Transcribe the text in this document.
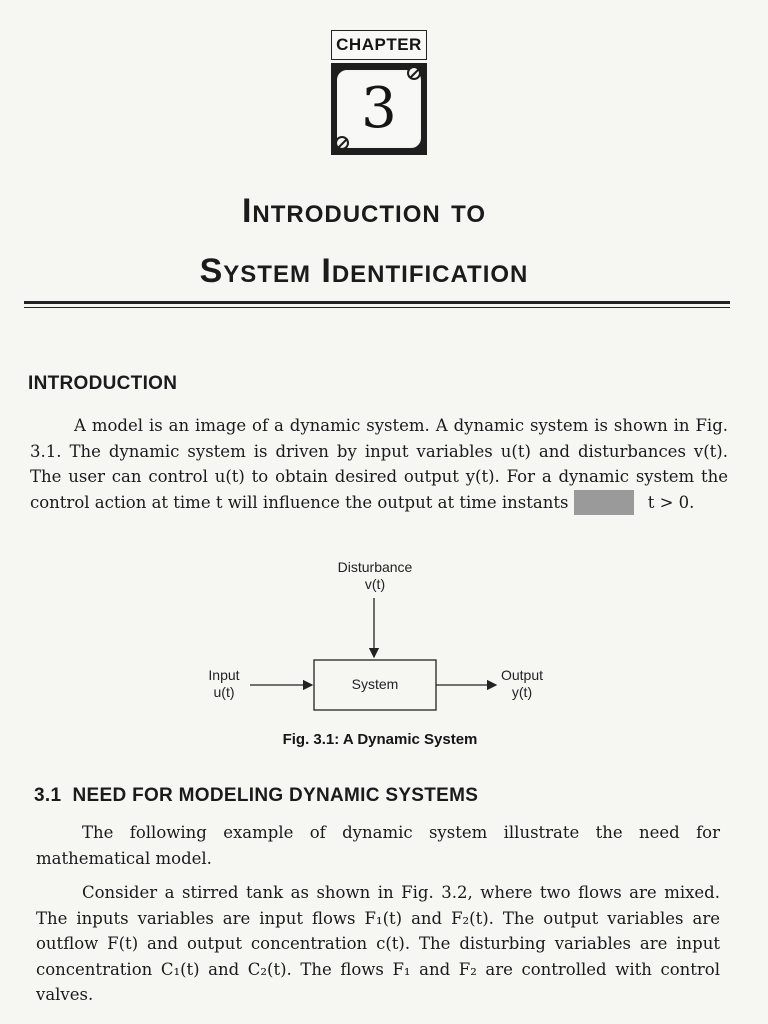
CHAPTER
3
Introduction to
System Identification
INTRODUCTION
A model is an image of a dynamic system. A dynamic system is shown in Fig. 3.1. The dynamic system is driven by input variables u(t) and disturbances v(t). The user can control u(t) to obtain desired output y(t). For a dynamic system the control action at time t will influence the output at time instants	t > 0.
Disturbance
v(t)
Input
u(t)	System
Output
y(t)
Fig. 3.1: A Dynamic System
3.1 NEED FOR MODELING DYNAMIC SYSTEMS
The following example of dynamic system illustrate the need for mathematical model.
Consider a stirred tank as shown in Fig. 3.2, where two flows are mixed. The inputs variables are input flows F₁(t) and F₂(t). The output variables are outflow F(t) and output concentration c(t). The disturbing variables are input concentration C₁(t) and C₂(t). The flows F₁ and F₂ are controlled with control valves.
